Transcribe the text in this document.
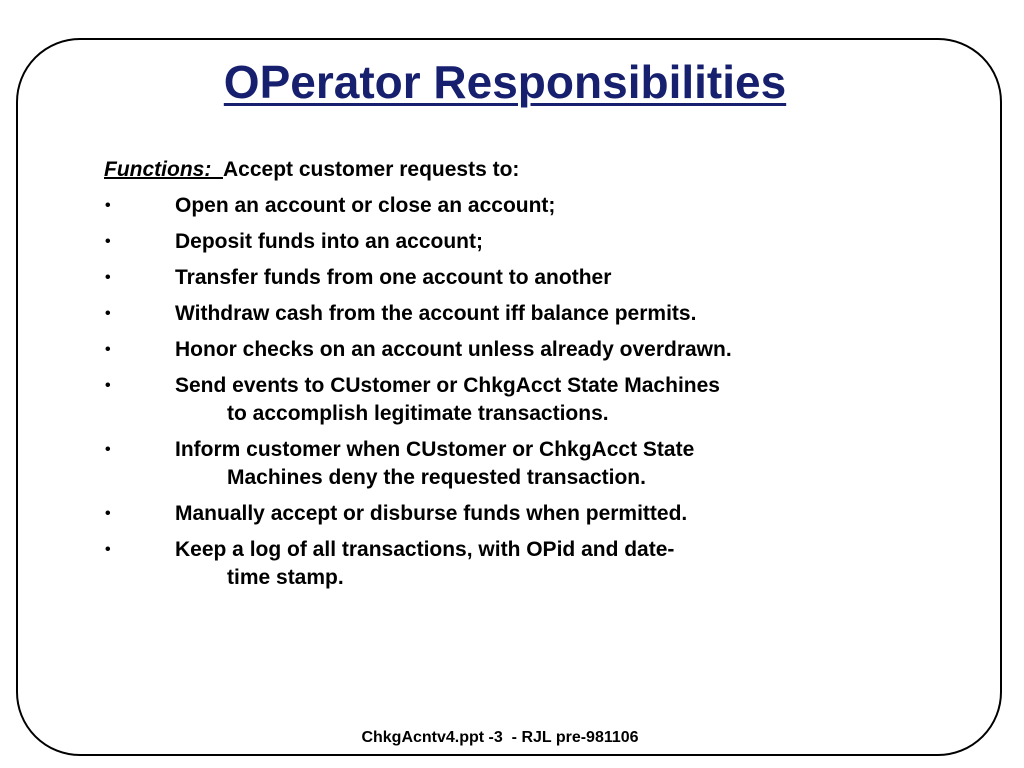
OPerator Responsibilities

Functions:  Accept customer requests to:

•	Open an account or close an account;
•	Deposit funds into an account;
•	Transfer funds from one account to another
•	Withdraw cash from the account iff balance permits.
•	Honor checks on an account unless already overdrawn.
•	Send events to CUstomer or ChkgAcct State Machines
to accomplish legitimate transactions.
•	Inform customer when CUstomer or ChkgAcct State
Machines deny the requested transaction.
•	Manually accept or disburse funds when permitted.
•	Keep a log of all transactions, with OPid and date-
time stamp.
ChkgAcntv4.ppt -3  - RJL pre-981106
